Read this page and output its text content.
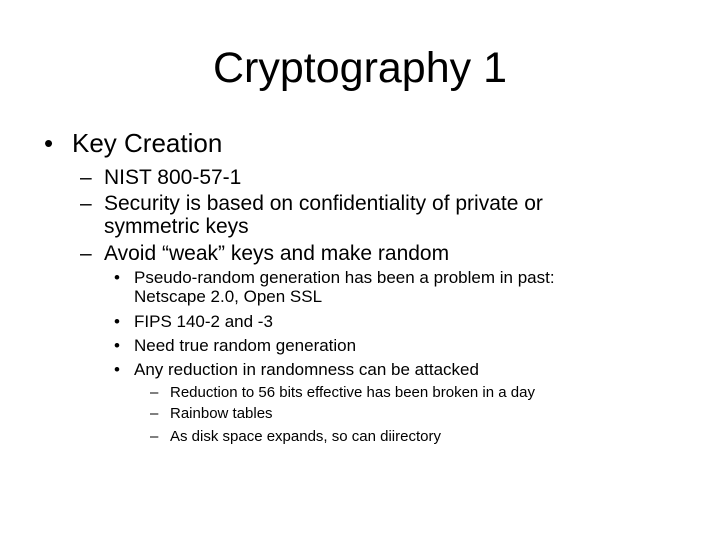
Cryptography 1
• Key Creation
– NIST 800-57-1
– Security is based on confidentiality of private or
symmetric keys
– Avoid “weak” keys and make random
• Pseudo-random generation has been a problem in past:
Netscape 2.0, Open SSL
• FIPS 140-2 and -3
• Need true random generation
• Any reduction in randomness can be attacked
– Reduction to 56 bits effective has been broken in a day
– Rainbow tables
– As disk space expands, so can diirectory
